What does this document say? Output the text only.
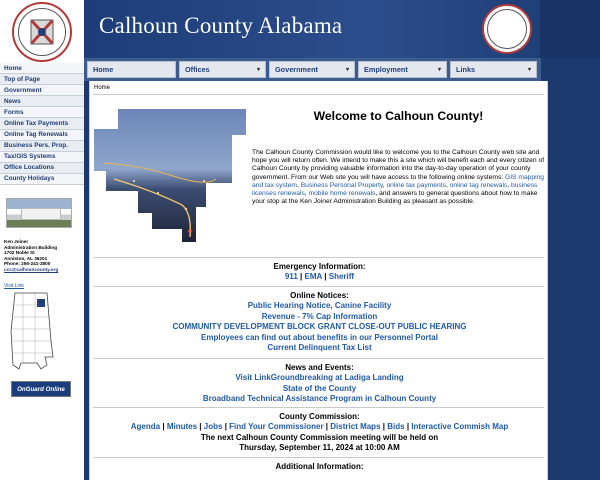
Home
Top of Page
Government
News
Forms
Online Tax Payments
Online Tag Renewals
Business Pers. Prop.
Tax/GIS Systems
Office Locations
County Holidays
Ken Joiner
Administration Building
1702 Noble St
Anniston, AL 36201
Phone: 256-241-2800
ccc@calhouncounty.org
Visit Link
OnGuard Online
Calhoun County Alabama
Home	Offices	▾ Government	▾ Employment	▾ Links	▾
Home
Welcome to Calhoun County!
The Calhoun County Commission would like to welcome you to the Calhoun County web site and hope you will return often. We intend to make this a site which will benefit each and every citizen of Calhoun County by providing valuable information into the day-to-day operation of your county government. From our Web site you will have access to the following online systems: GIS mapping and tax system, Business Personal Property, online tax payments, online tag renewals, business licenses renewals, mobile home renewals, and answers to general questions about how to make your stop at the Ken Joiner Administration Building as pleasant as possible.
Emergency Information:
911 | EMA | Sheriff
Online Notices:
Public Hearing Notice, Canine Facility
Revenue - 7% Cap Information
COMMUNITY DEVELOPMENT BLOCK GRANT CLOSE-OUT PUBLIC HEARING
Employees can find out about benefits in our Personnel Portal
Current Delinquent Tax List
News and Events:
Visit LinkGroundbreaking at Ladiga Landing
State of the County
Broadband Technical Assistance Program in Calhoun County
County Commission:
Agenda | Minutes | Jobs | Find Your Commissioner | District Maps | Bids | Interactive Commish Map
The next Calhoun County Commission meeting will be held on
Thursday, September 11, 2024 at 10:00 AM
Additional Information:
